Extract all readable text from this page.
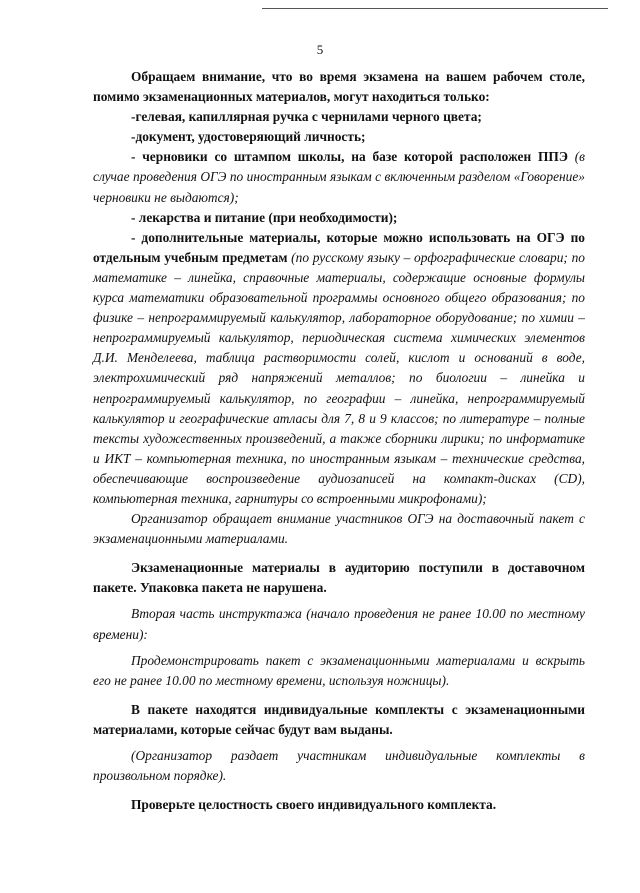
5

Обращаем внимание, что во время экзамена на вашем рабочем столе, помимо экзаменационных материалов, могут находиться только:

-гелевая, капиллярная ручка с чернилами черного цвета;

-документ, удостоверяющий личность;

- черновики со штампом школы, на базе которой расположен ППЭ (в случае проведения ОГЭ по иностранным языкам с включенным разделом «Говорение» черновики не выдаются);

- лекарства и питание (при необходимости);

- дополнительные материалы, которые можно использовать на ОГЭ по отдельным учебным предметам (по русскому языку – орфографические словари; по математике – линейка, справочные материалы, содержащие основные формулы курса математики образовательной программы основного общего образования; по физике – непрограммируемый калькулятор, лабораторное оборудование; по химии – непрограммируемый калькулятор, периодическая система химических элементов Д.И. Менделеева, таблица растворимости солей, кислот и оснований в воде, электрохимический ряд напряжений металлов; по биологии – линейка и непрограммируемый калькулятор, по географии – линейка, непрограммируемый калькулятор и географические атласы для 7, 8 и 9 классов; по литературе – полные тексты художественных произведений, а также сборники лирики; по информатике и ИКТ – компьютерная техника, по иностранным языкам – технические средства, обеспечивающие воспроизведение аудиозаписей на компакт-дисках (CD), компьютерная техника, гарнитуры со встроенными микрофонами);

Организатор обращает внимание участников ОГЭ на доставочный пакет с экзаменационными материалами.

Экзаменационные материалы в аудиторию поступили в доставочном пакете. Упаковка пакета не нарушена.

Вторая часть инструктажа (начало проведения не ранее 10.00 по местному времени):

Продемонстрировать пакет с экзаменационными материалами и вскрыть его не ранее 10.00 по местному времени, используя ножницы).

В пакете находятся индивидуальные комплекты с экзаменационными материалами, которые сейчас будут вам выданы.

(Организатор раздает участникам индивидуальные комплекты в произвольном порядке).

Проверьте целостность своего индивидуального комплекта.
